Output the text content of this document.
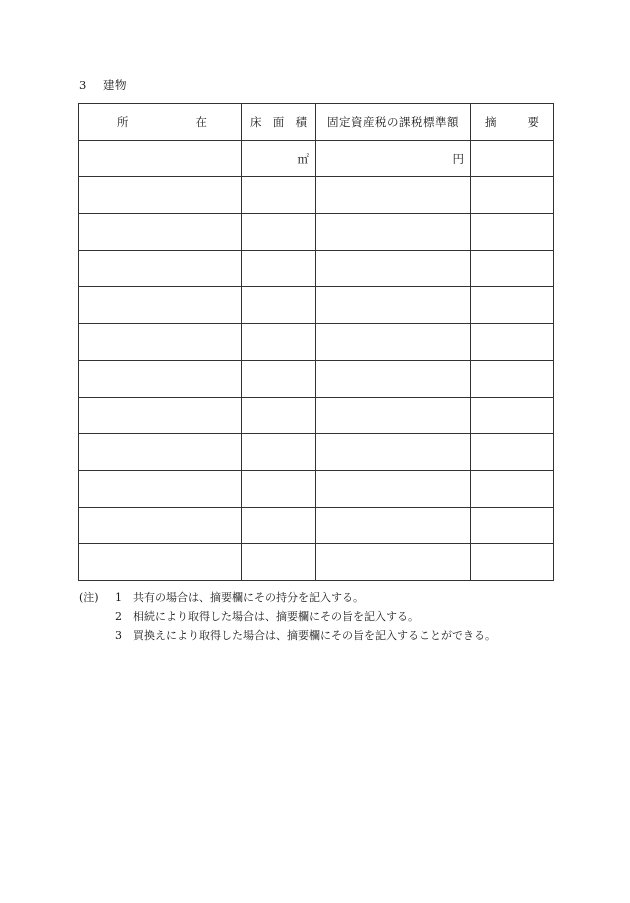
3 建物
所 在	床 面 積	固定資産税の課税標準額	摘 要

	㎡	円	

(注)	1	共有の場合は、摘要欄にその持分を記入する。
2	相続により取得した場合は、摘要欄にその旨を記入する。
3	買換えにより取得した場合は、摘要欄にその旨を記入することができる。
